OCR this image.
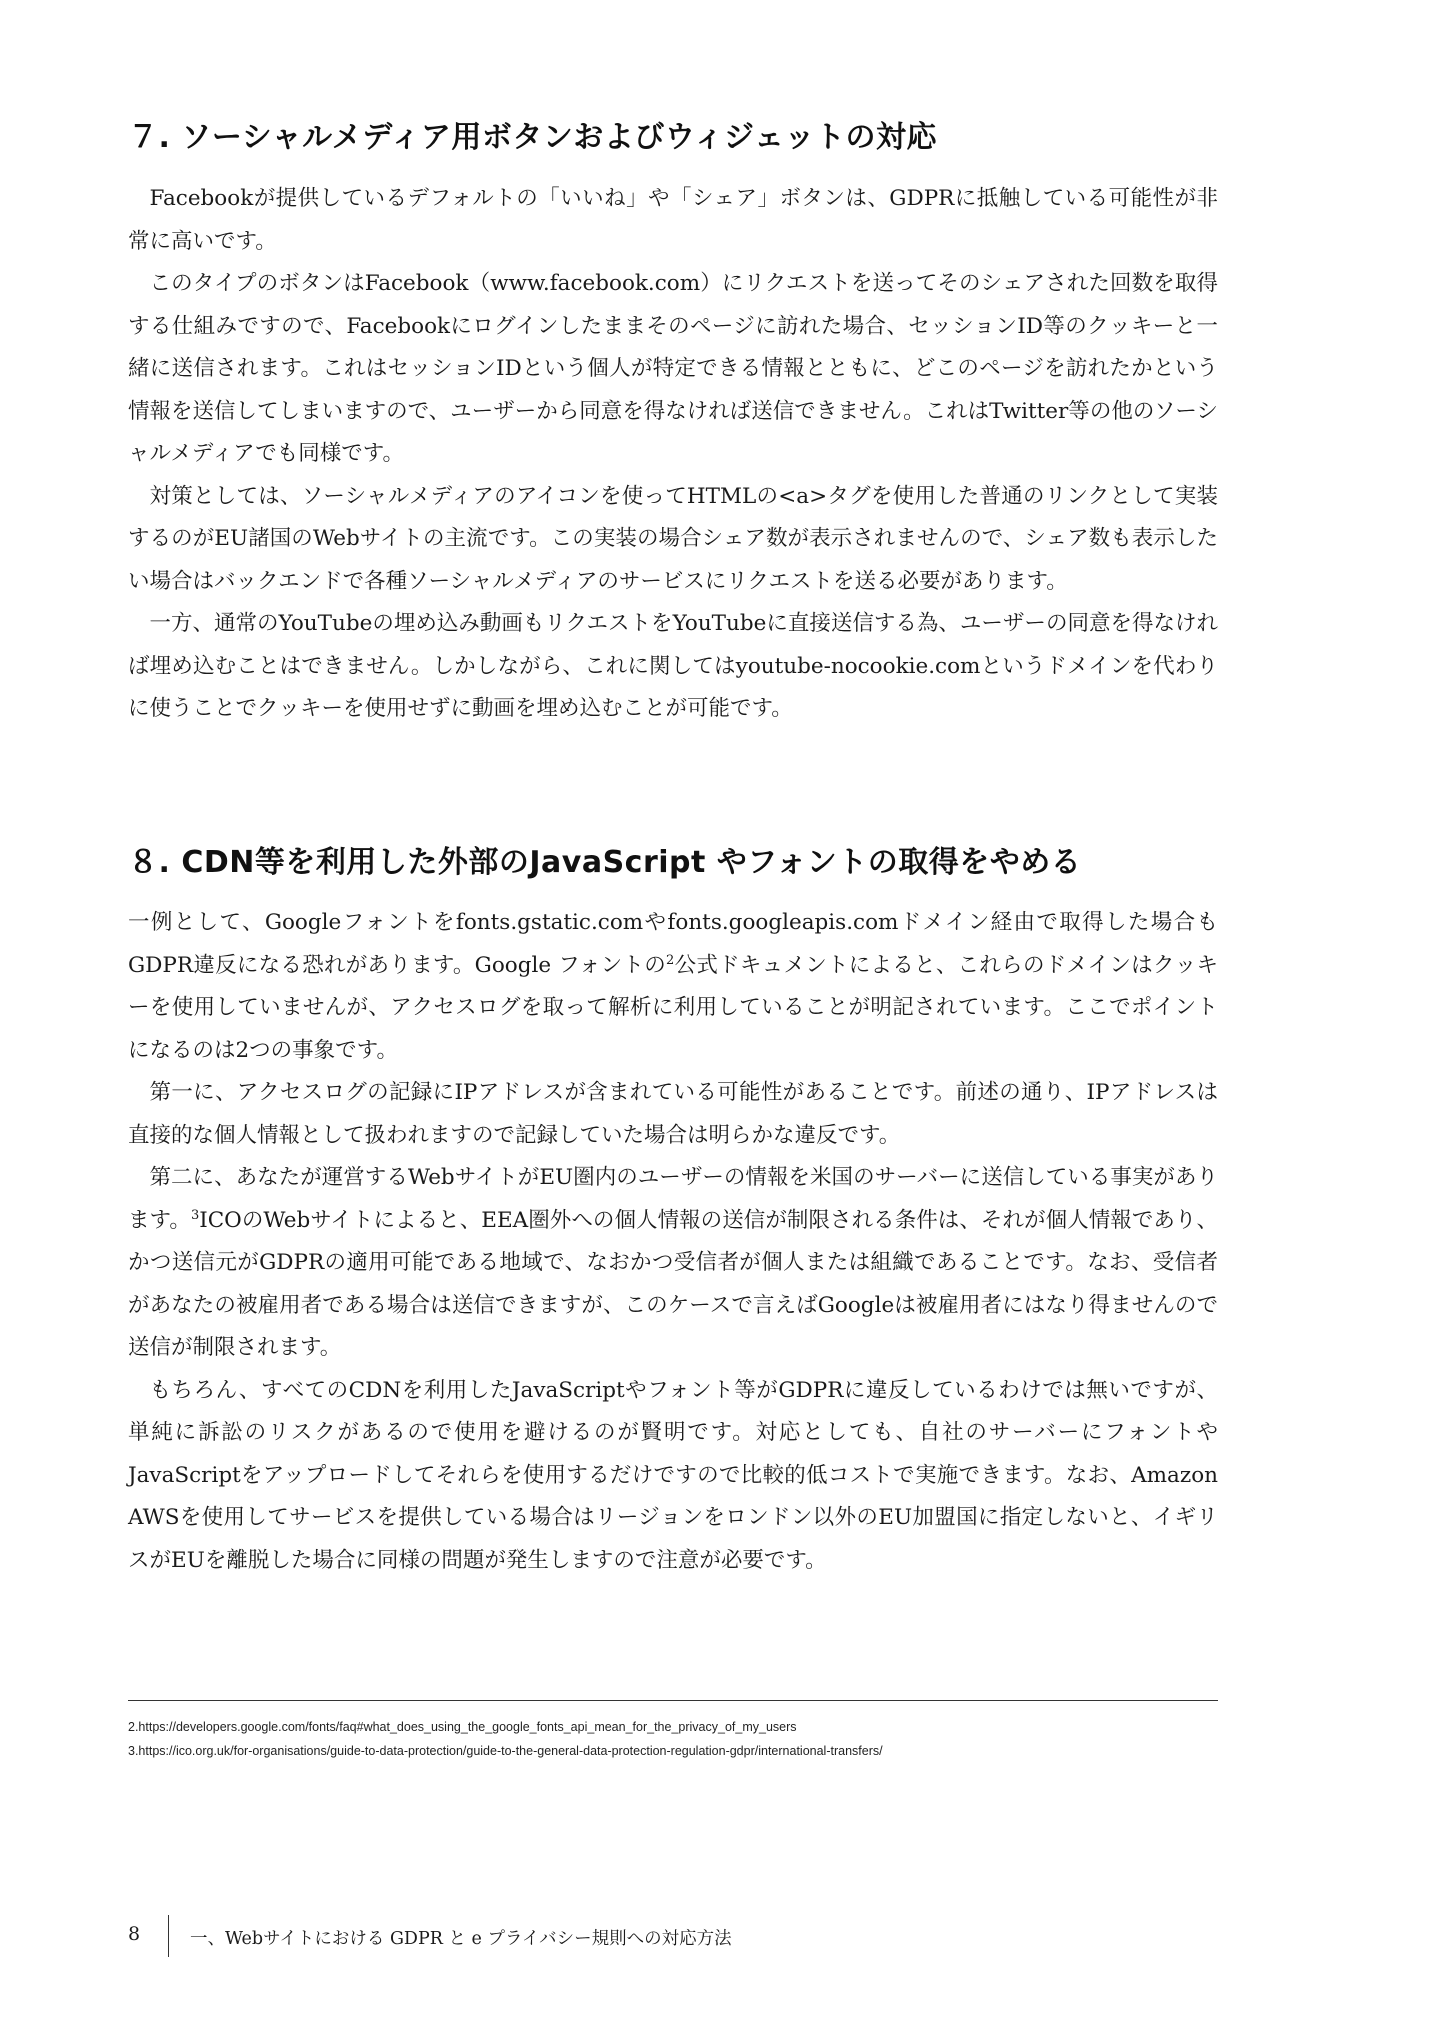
７. ソーシャルメディア用ボタンおよびウィジェットの対応

Facebookが提供しているデフォルトの「いいね」や「シェア」ボタンは、GDPRに抵触している可能性が非常に高いです。

このタイプのボタンはFacebook（www.facebook.com）にリクエストを送ってそのシェアされた回数を取得する仕組みですので、Facebookにログインしたままそのページに訪れた場合、セッションID等のクッキーと一緒に送信されます。これはセッションIDという個人が特定できる情報とともに、どこのページを訪れたかという情報を送信してしまいますので、ユーザーから同意を得なければ送信できません。これはTwitter等の他のソーシャルメディアでも同様です。

対策としては、ソーシャルメディアのアイコンを使ってHTMLの<a>タグを使用した普通のリンクとして実装するのがEU諸国のWebサイトの主流です。この実装の場合シェア数が表示されませんので、シェア数も表示したい場合はバックエンドで各種ソーシャルメディアのサービスにリクエストを送る必要があります。

一方、通常のYouTubeの埋め込み動画もリクエストをYouTubeに直接送信する為、ユーザーの同意を得なければ埋め込むことはできません。しかしながら、これに関してはyoutube-nocookie.comというドメインを代わりに使うことでクッキーを使用せずに動画を埋め込むことが可能です。

８. CDN等を利用した外部のJavaScript やフォントの取得をやめる

一例として、Googleフォントをfonts.gstatic.comやfonts.googleapis.comドメイン経由で取得した場合もGDPR違反になる恐れがあります。Google フォントの$^2$公式ドキュメントによると、これらのドメインはクッキーを使用していませんが、アクセスログを取って解析に利用していることが明記されています。ここでポイントになるのは2つの事象です。

第一に、アクセスログの記録にIPアドレスが含まれている可能性があることです。前述の通り、IPアドレスは直接的な個人情報として扱われますので記録していた場合は明らかな違反です。

第二に、あなたが運営するWebサイトがEU圏内のユーザーの情報を米国のサーバーに送信している事実があります。$^3$ICOのWebサイトによると、EEA圏外への個人情報の送信が制限される条件は、それが個人情報であり、かつ送信元がGDPRの適用可能である地域で、なおかつ受信者が個人または組織であることです。なお、受信者があなたの被雇用者である場合は送信できますが、このケースで言えばGoogleは被雇用者にはなり得ませんので送信が制限されます。

もちろん、すべてのCDNを利用したJavaScriptやフォント等がGDPRに違反しているわけでは無いですが、単純に訴訟のリスクがあるので使用を避けるのが賢明です。対応としても、自社のサーバーにフォントやJavaScriptをアップロードしてそれらを使用するだけですので比較的低コストで実施できます。なお、Amazon AWSを使用してサービスを提供している場合はリージョンをロンドン以外のEU加盟国に指定しないと、イギリスがEUを離脱した場合に同様の問題が発生しますので注意が必要です。

2.https://developers.google.com/fonts/faq#what_does_using_the_google_fonts_api_mean_for_the_privacy_of_my_users
3.https://ico.org.uk/for-organisations/guide-to-data-protection/guide-to-the-general-data-protection-regulation-gdpr/international-transfers/
8	一、Webサイトにおける GDPR と e プライバシー規則への対応方法
